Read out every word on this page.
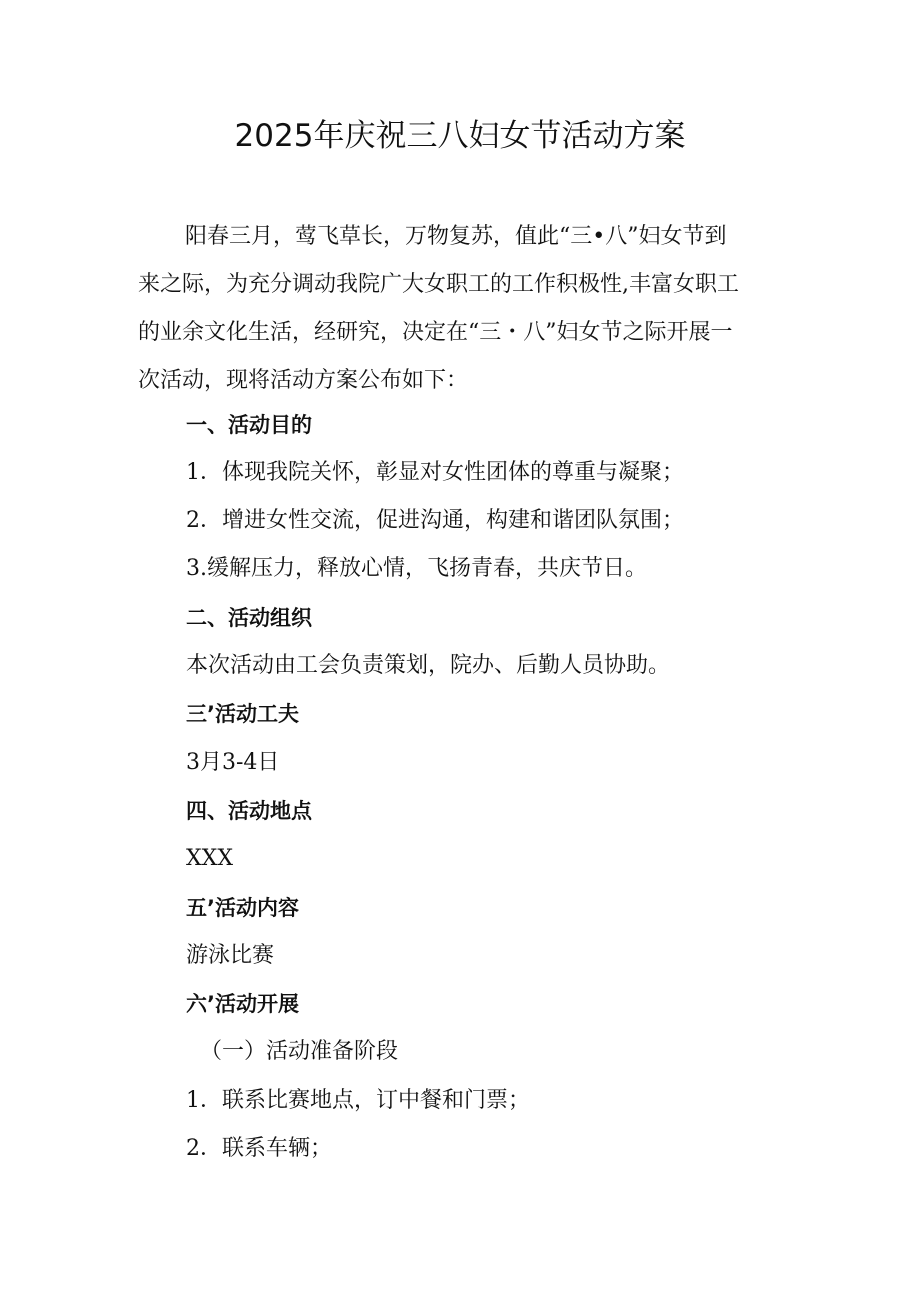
2025年庆祝三八妇女节活动方案
阳春三月，莺飞草长，万物复苏，值此“三•八”妇女节到
来之际，为充分调动我院广大女职工的工作积极性,丰富女职工
的业余文化生活，经研究，决定在“三・八”妇女节之际开展一
次活动，现将活动方案公布如下：
一、活动目的
1．体现我院关怀，彰显对女性团体的尊重与凝聚；
2．增进女性交流，促进沟通，构建和谐团队氛围；
3.缓解压力，释放心情，飞扬青春，共庆节日。
二、活动组织
本次活动由工会负责策划，院办、后勤人员协助。
三’活动工夫
3月3-4日
四、活动地点
XXX
五’活动内容
游泳比赛
六’活动开展
（一）活动准备阶段
1．联系比赛地点，订中餐和门票；
2．联系车辆；
